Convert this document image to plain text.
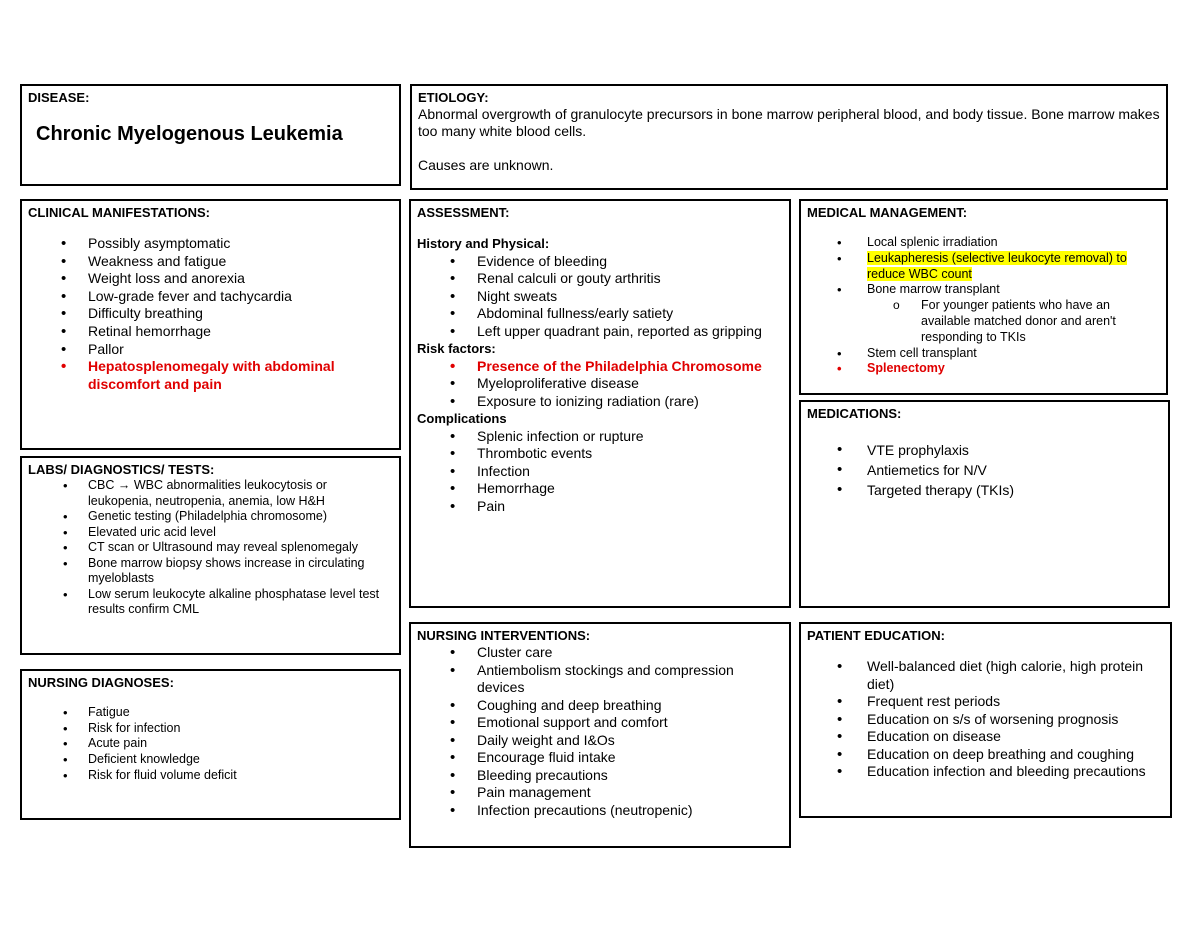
DISEASE:
Chronic Myelogenous Leukemia
ETIOLOGY:

Abnormal overgrowth of granulocyte precursors in bone marrow peripheral blood, and body tissue. Bone marrow makes too many white blood cells.

Causes are unknown.

CLINICAL MANIFESTATIONS:
• Possibly asymptomatic
• Weakness and fatigue
• Weight loss and anorexia
• Low-grade fever and tachycardia
• Difficulty breathing
• Retinal hemorrhage
• Pallor
• Hepatosplenomegaly with abdominal discomfort and pain
LABS/ DIAGNOSTICS/ TESTS:
• CBC → WBC abnormalities leukocytosis or leukopenia, neutropenia, anemia, low H&H
• Genetic testing (Philadelphia chromosome)
• Elevated uric acid level
• CT scan or Ultrasound may reveal splenomegaly
• Bone marrow biopsy shows increase in circulating myeloblasts
• Low serum leukocyte alkaline phosphatase level test results confirm CML
NURSING DIAGNOSES:
• Fatigue
• Risk for infection
• Acute pain
• Deficient knowledge
• Risk for fluid volume deficit
ASSESSMENT:
History and Physical:
• Evidence of bleeding
• Renal calculi or gouty arthritis
• Night sweats
• Abdominal fullness/early satiety
• Left upper quadrant pain, reported as gripping
Risk factors:
• Presence of the Philadelphia Chromosome
• Myeloproliferative disease
• Exposure to ionizing radiation (rare)
Complications
• Splenic infection or rupture
• Thrombotic events
• Infection
• Hemorrhage
• Pain
MEDICAL MANAGEMENT:
• Local splenic irradiation
• Leukapheresis (selective leukocyte removal) to reduce WBC count
• Bone marrow transplant
o For younger patients who have an available matched donor and aren't responding to TKIs
• Stem cell transplant
• Splenectomy
MEDICATIONS:
• VTE prophylaxis
• Antiemetics for N/V
• Targeted therapy (TKIs)
NURSING INTERVENTIONS:
• Cluster care
• Antiembolism stockings and compression devices
• Coughing and deep breathing
• Emotional support and comfort
• Daily weight and I&Os
• Encourage fluid intake
• Bleeding precautions
• Pain management
• Infection precautions (neutropenic)
PATIENT EDUCATION:
• Well-balanced diet (high calorie, high protein diet)
• Frequent rest periods
• Education on s/s of worsening prognosis
• Education on disease
• Education on deep breathing and coughing
• Education infection and bleeding precautions
